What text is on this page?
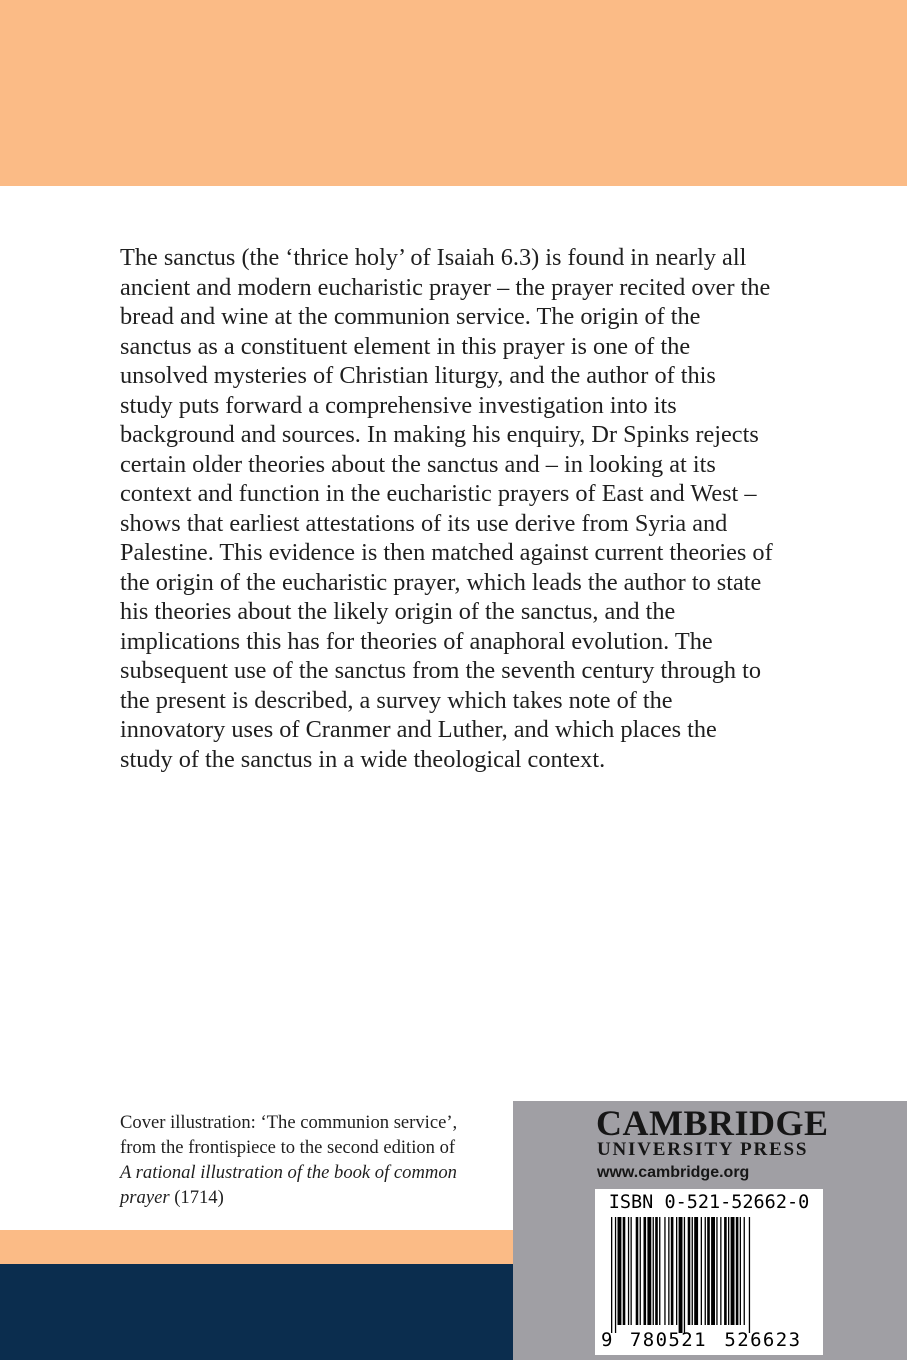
The sanctus (the ‘thrice holy’ of Isaiah 6.3) is found in nearly all
ancient and modern eucharistic prayer – the prayer recited over the
bread and wine at the communion service. The origin of the
sanctus as a constituent element in this prayer is one of the
unsolved mysteries of Christian liturgy, and the author of this
study puts forward a comprehensive investigation into its
background and sources. In making his enquiry, Dr Spinks rejects
certain older theories about the sanctus and – in looking at its
context and function in the eucharistic prayers of East and West –
shows that earliest attestations of its use derive from Syria and
Palestine. This evidence is then matched against current theories of
the origin of the eucharistic prayer, which leads the author to state
his theories about the likely origin of the sanctus, and the
implications this has for theories of anaphoral evolution. The
subsequent use of the sanctus from the seventh century through to
the present is described, a survey which takes note of the
innovatory uses of Cranmer and Luther, and which places the
study of the sanctus in a wide theological context.
Cover illustration: ‘The communion service’,
from the frontispiece to the second edition of
A rational illustration of the book of common
prayer (1714)
CAMBRIDGE
UNIVERSITY PRESS
www.cambridge.org
ISBN 0-521-52662-0
9 780521 526623
